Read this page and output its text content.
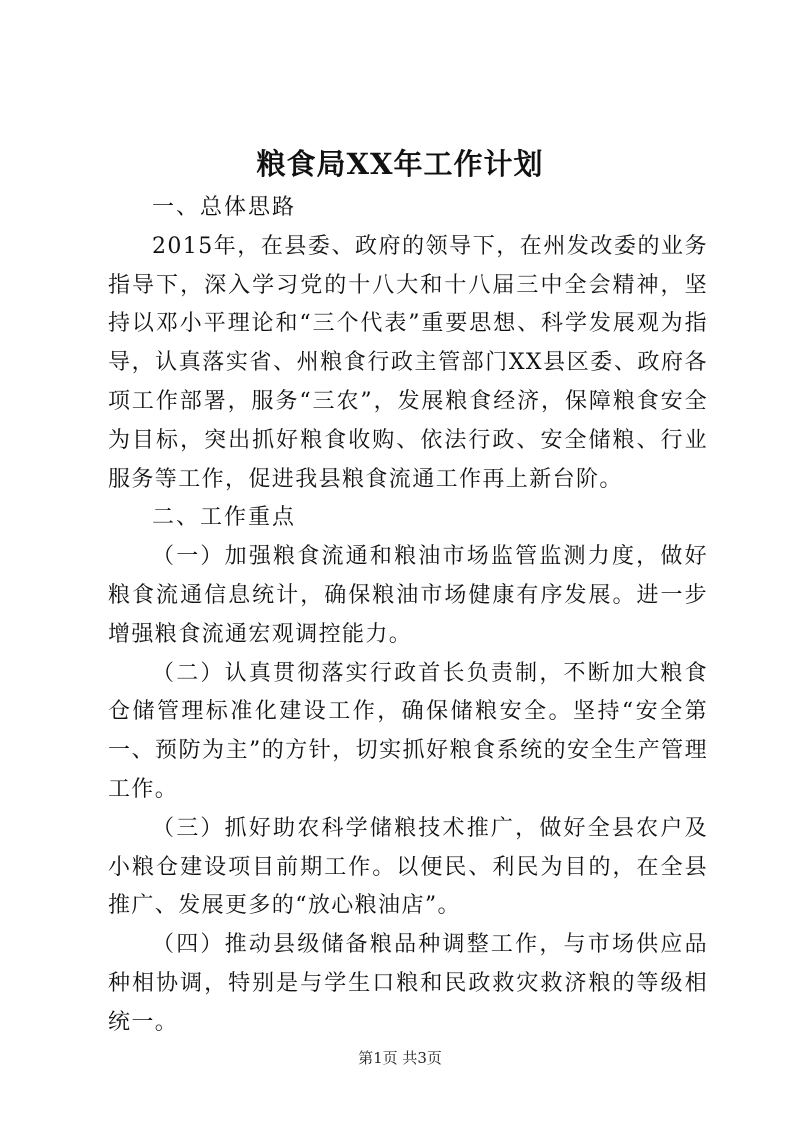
粮食局XX年工作计划

一、总体思路

2015年，在县委、政府的领导下，在州发改委的业务指导下，深入学习党的十八大和十八届三中全会精神，坚持以邓小平理论和“三个代表”重要思想、科学发展观为指导，认真落实省、州粮食行政主管部门XX县区委、政府各项工作部署，服务“三农”，发展粮食经济，保障粮食安全为目标，突出抓好粮食收购、依法行政、安全储粮、行业服务等工作，促进我县粮食流通工作再上新台阶。

二、工作重点

（一）加强粮食流通和粮油市场监管监测力度，做好粮食流通信息统计，确保粮油市场健康有序发展。进一步增强粮食流通宏观调控能力。

（二）认真贯彻落实行政首长负责制，不断加大粮食仓储管理标准化建设工作，确保储粮安全。坚持“安全第一、预防为主”的方针，切实抓好粮食系统的安全生产管理工作。

（三）抓好助农科学储粮技术推广，做好全县农户及小粮仓建设项目前期工作。以便民、利民为目的，在全县推广、发展更多的“放心粮油店”。

（四）推动县级储备粮品种调整工作，与市场供应品种相协调，特别是与学生口粮和民政救灾救济粮的等级相统一。

第1页 共3页
